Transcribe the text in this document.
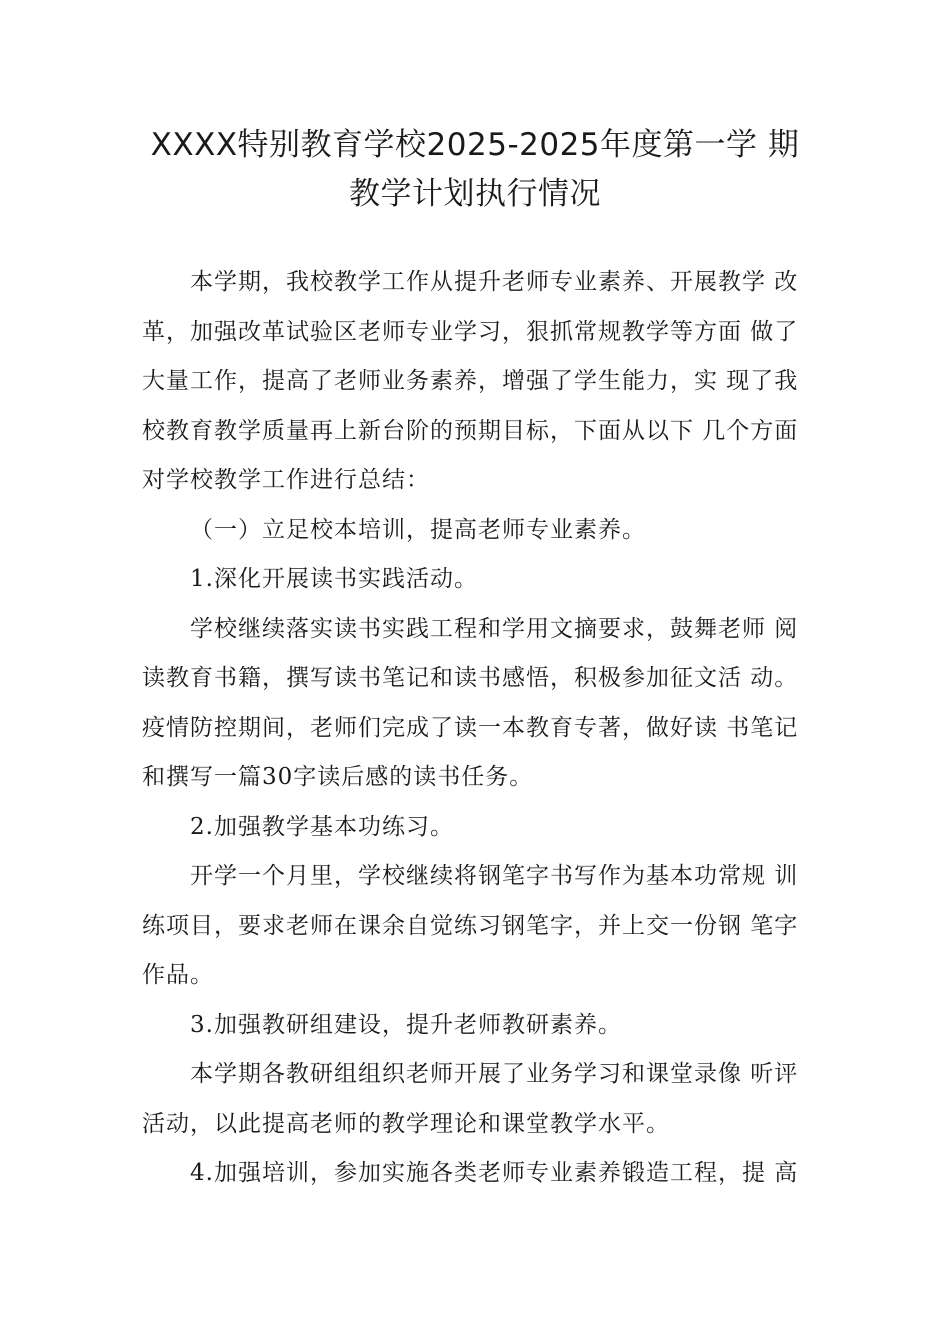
XXXX特别教育学校2025-2025年度第一学 期
教学计划执行情况
本学期，我校教学工作从提升老师专业素养、开展教学 改
革，加强改革试验区老师专业学习，狠抓常规教学等方面 做了
大量工作，提高了老师业务素养，增强了学生能力，实 现了我
校教育教学质量再上新台阶的预期目标，下面从以下 几个方面
对学校教学工作进行总结：
（一）立足校本培训，提高老师专业素养。
1.深化开展读书实践活动。
学校继续落实读书实践工程和学用文摘要求，鼓舞老师 阅
读教育书籍，撰写读书笔记和读书感悟，积极参加征文活 动。
疫情防控期间，老师们完成了读一本教育专著，做好读 书笔记
和撰写一篇30字读后感的读书任务。
2.加强教学基本功练习。
开学一个月里，学校继续将钢笔字书写作为基本功常规 训
练项目，要求老师在课余自觉练习钢笔字，并上交一份钢 笔字
作品。
3.加强教研组建设，提升老师教研素养。
本学期各教研组组织老师开展了业务学习和课堂录像 听评
活动，以此提高老师的教学理论和课堂教学水平。
4.加强培训，参加实施各类老师专业素养锻造工程，提 高
